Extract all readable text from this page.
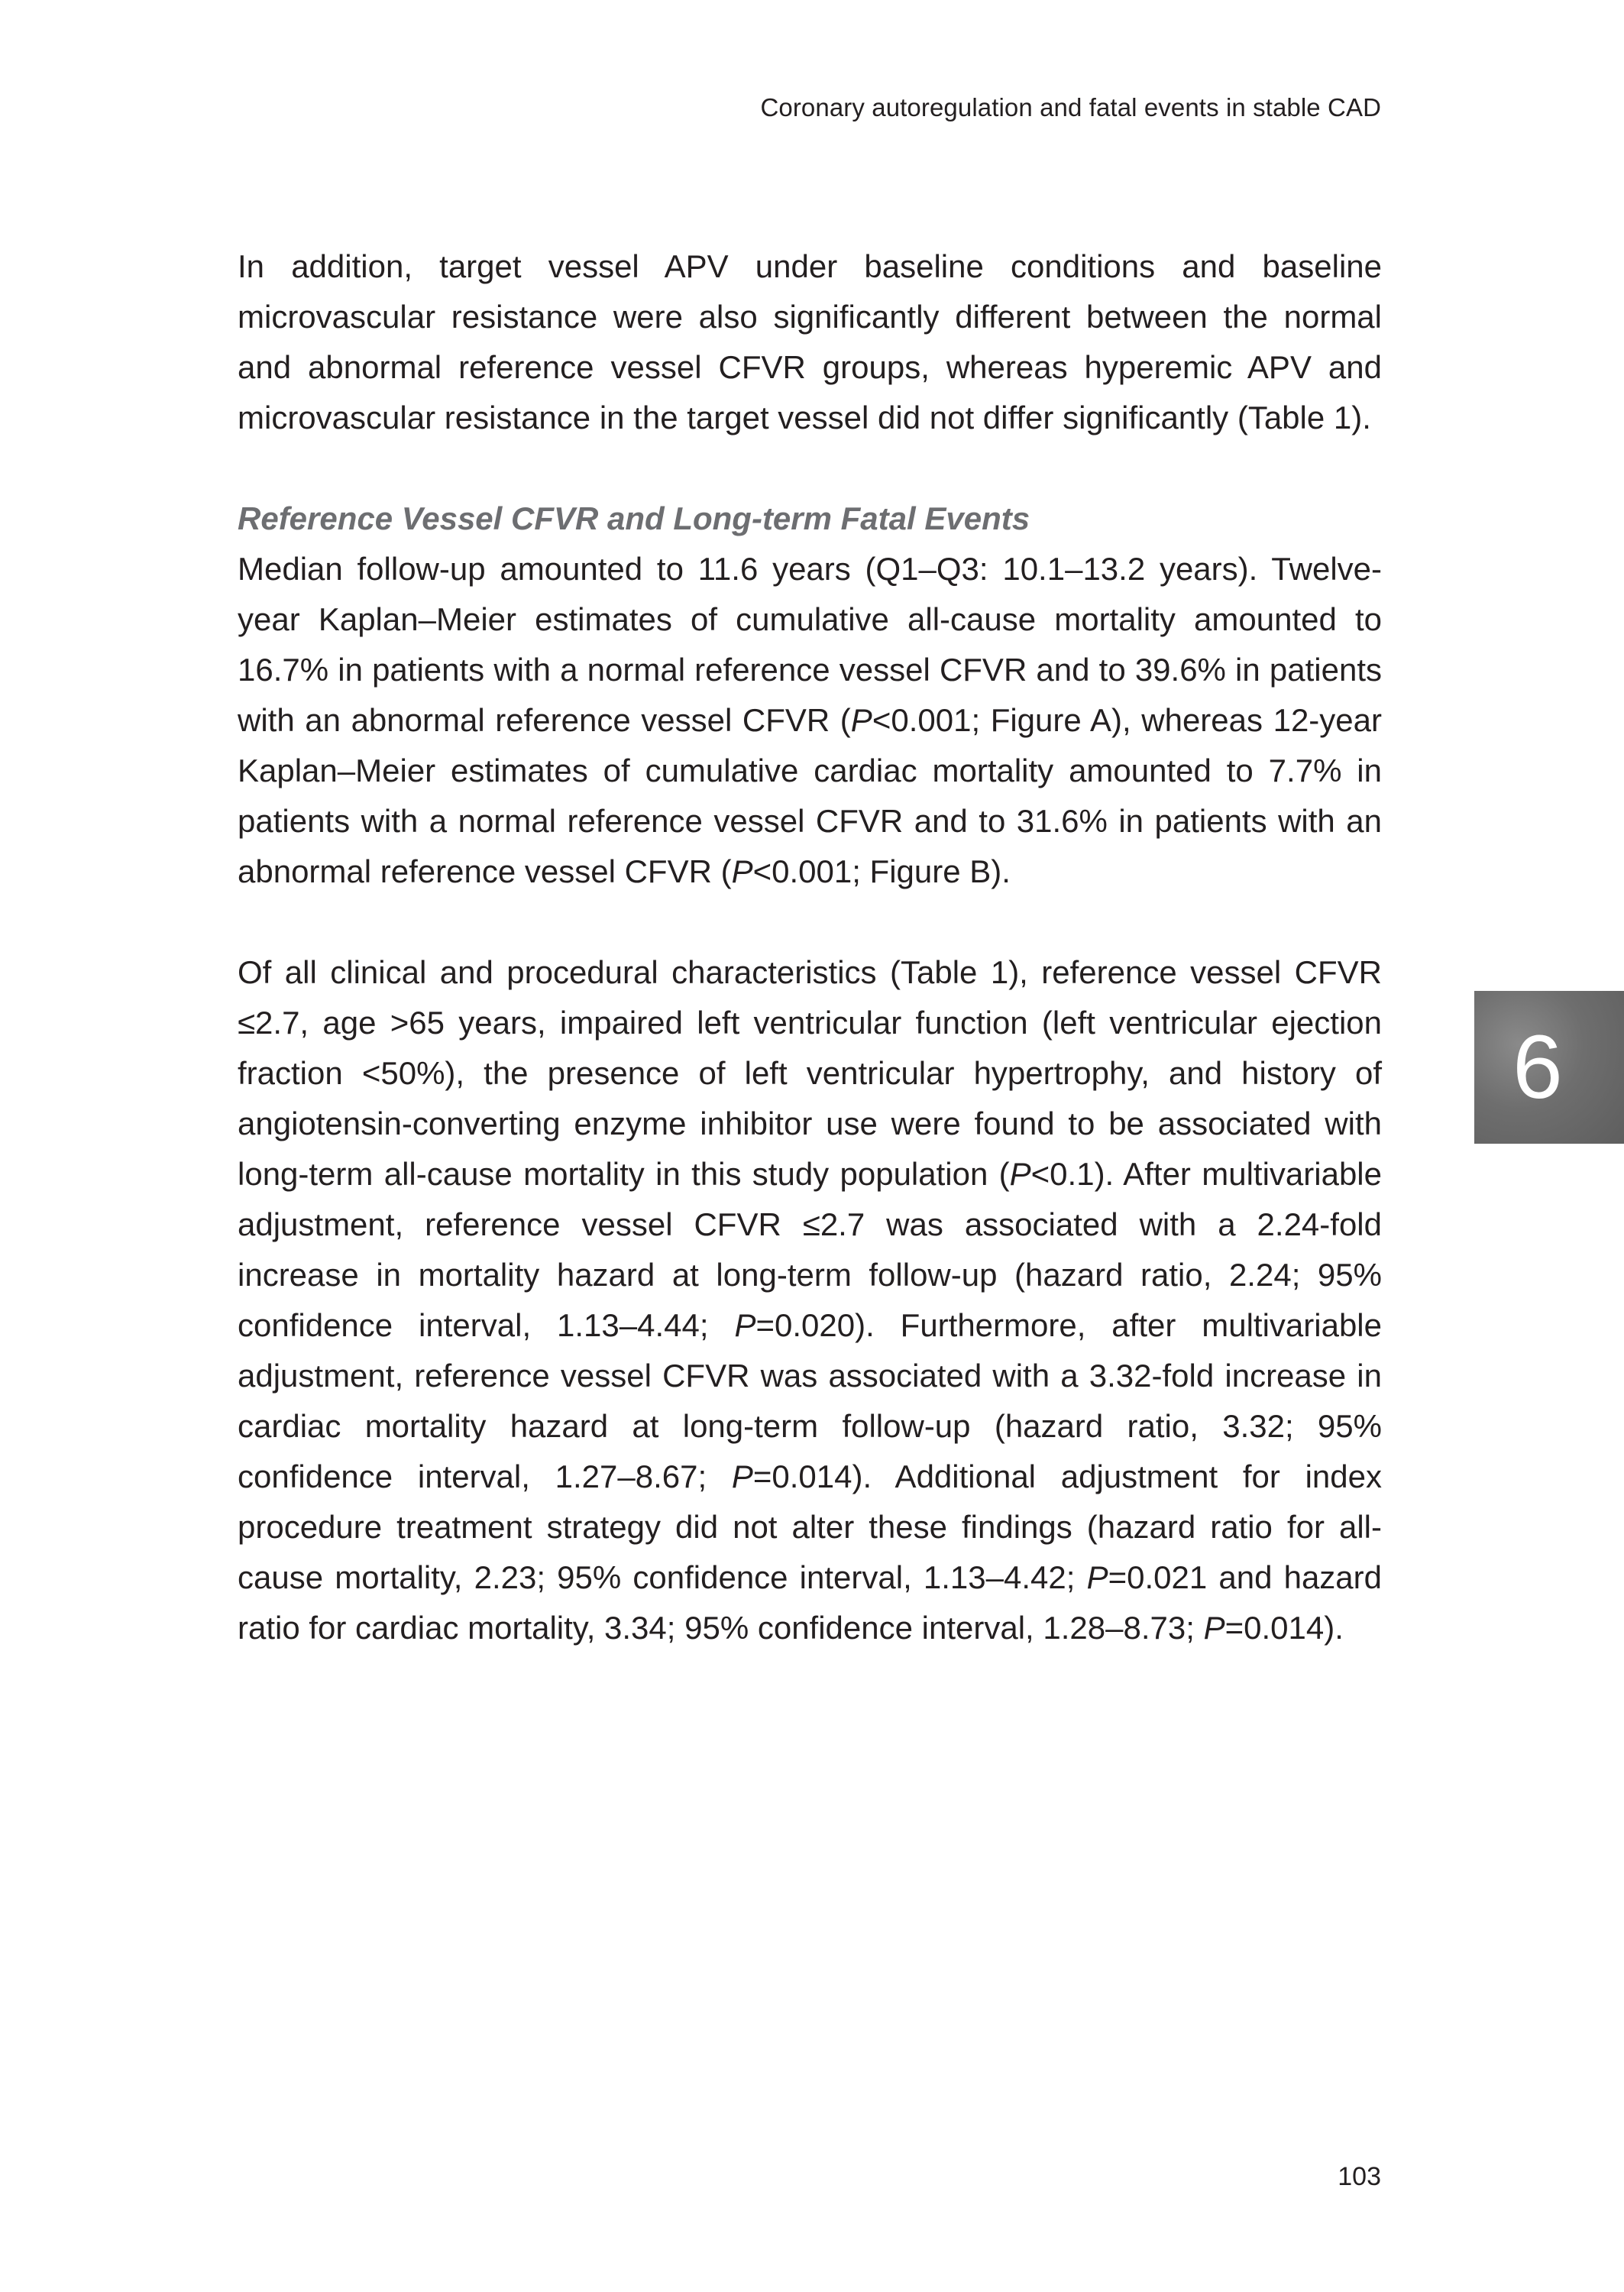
Coronary autoregulation and fatal events in stable CAD

In addition, target vessel APV under baseline conditions and baseline microvascular resistance were also significantly different between the normal and abnormal reference vessel CFVR groups, whereas hyperemic APV and microvascular resistance in the target vessel did not differ significantly (Table 1).

Reference Vessel CFVR and Long-term Fatal Events

Median follow-up amounted to 11.6 years (Q1–Q3: 10.1–13.2 years). Twelve-year Kaplan–Meier estimates of cumulative all-cause mortality amounted to 16.7% in patients with a normal reference vessel CFVR and to 39.6% in patients with an abnormal reference vessel CFVR (P<0.001; Figure A), whereas 12-year Kaplan–Meier estimates of cumulative cardiac mortality amounted to 7.7% in patients with a normal reference vessel CFVR and to 31.6% in patients with an abnormal reference vessel CFVR (P<0.001; Figure B).

Of all clinical and procedural characteristics (Table 1), reference vessel CFVR ≤2.7, age >65 years, impaired left ventricular function (left ventricular ejection fraction <50%), the presence of left ventricular hypertrophy, and history of angiotensin-converting enzyme inhibitor use were found to be associated with long-term all-cause mortality in this study population (P<0.1). After multivariable adjustment, reference vessel CFVR ≤2.7 was associated with a 2.24-fold increase in mortality hazard at long-term follow-up (hazard ratio, 2.24; 95% confidence interval, 1.13–4.44; P=0.020). Furthermore, after multivariable adjustment, reference vessel CFVR was associated with a 3.32-fold increase in cardiac mortality hazard at long-term follow-up (hazard ratio, 3.32; 95% confidence interval, 1.27–8.67; P=0.014). Additional adjustment for index procedure treatment strategy did not alter these findings (hazard ratio for all-cause mortality, 2.23; 95% confidence interval, 1.13–4.42; P=0.021 and hazard ratio for cardiac mortality, 3.34; 95% confidence interval, 1.28–8.73; P=0.014).

6
103
